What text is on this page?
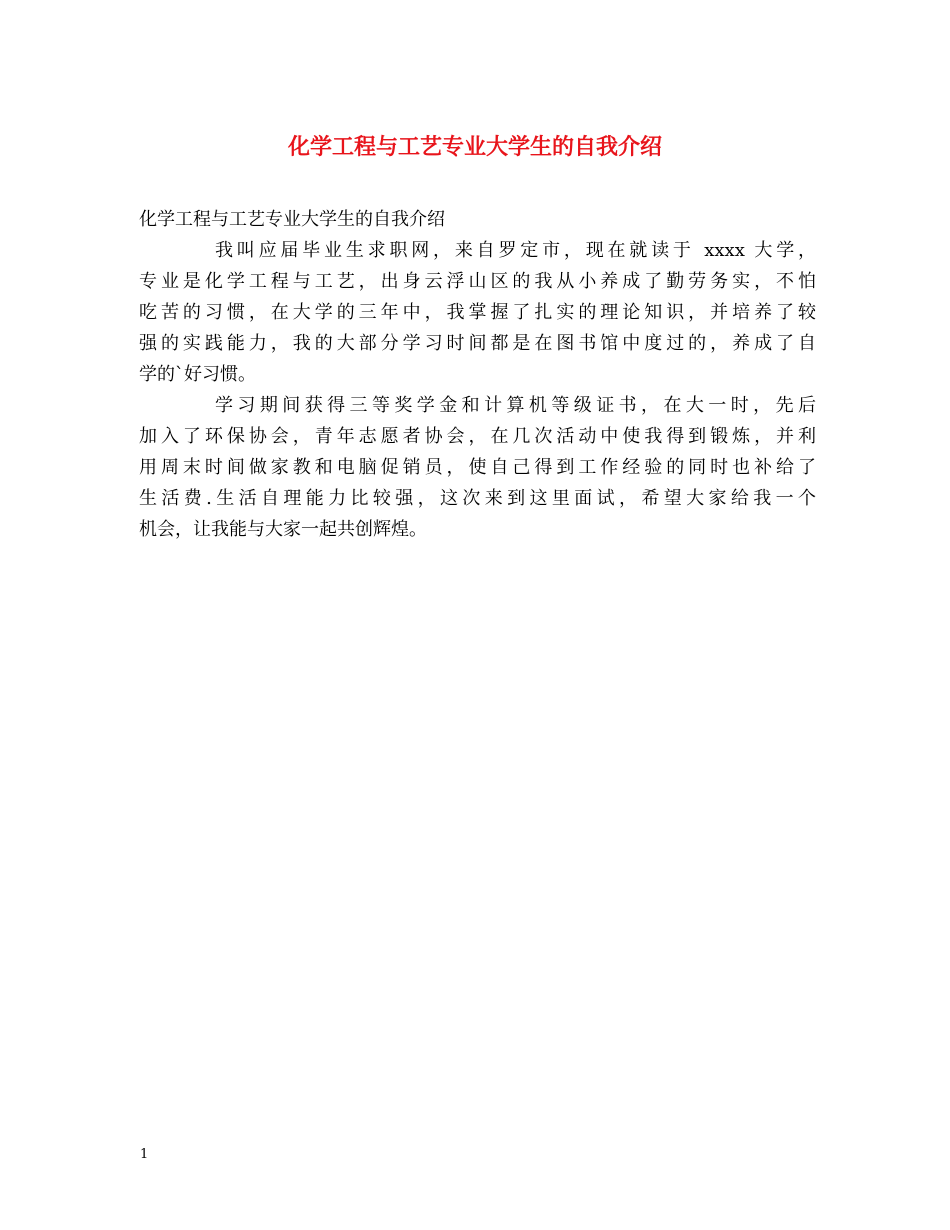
化学工程与工艺专业大学生的自我介绍

化学工程与工艺专业大学生的自我介绍

我叫应届毕业生求职网，来自罗定市，现在就读于 xxxx 大学，
专业是化学工程与工艺，出身云浮山区的我从小养成了勤劳务实，不怕
吃苦的习惯，在大学的三年中，我掌握了扎实的理论知识，并培养了较
强的实践能力，我的大部分学习时间都是在图书馆中度过的，养成了自
学的`好习惯。

学习期间获得三等奖学金和计算机等级证书，在大一时，先后
加入了环保协会，青年志愿者协会，在几次活动中使我得到锻炼，并利
用周末时间做家教和电脑促销员，使自己得到工作经验的同时也补给了
生活费.生活自理能力比较强，这次来到这里面试，希望大家给我一个
机会，让我能与大家一起共创辉煌。

1
